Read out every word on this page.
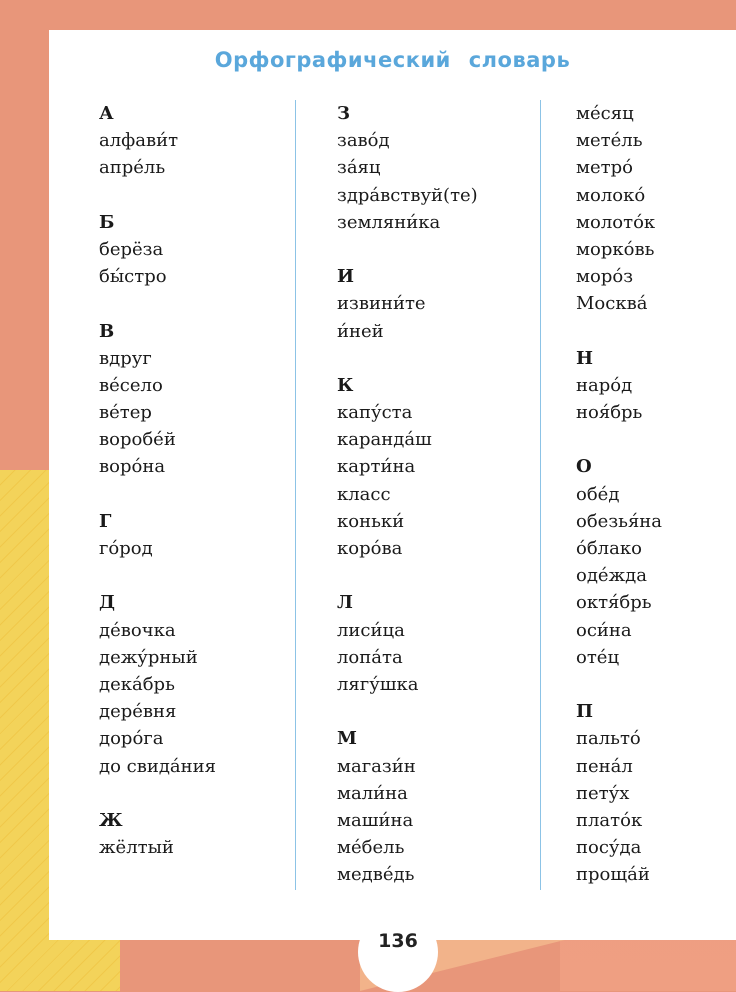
Орфографический словарь
А
алфави́т
апре́ль
Б
берёза
бы́стро
В
вдруг
ве́село
ве́тер
воробе́й
воро́на
Г
го́род
Д
де́вочка
дежу́рный
дека́брь
дере́вня
доро́га
до свида́ния
Ж
жёлтый
З
заво́д
за́яц
здра́вствуй(те)
земляни́ка
И
извини́те
и́ней
К
капу́ста
каранда́ш
карти́на
класс
коньки́
коро́ва
Л
лиси́ца
лопа́та
лягу́шка
М
магази́н
мали́на
маши́на
ме́бель
медве́дь
ме́сяц
мете́ль
метро́
молоко́
молото́к
морко́вь
моро́з
Москва́
Н
наро́д
ноя́брь
О
обе́д
обезья́на
о́блако
оде́жда
октя́брь
оси́на
оте́ц
П
пальто́
пена́л
пету́х
плато́к
посу́да
проща́й
136
